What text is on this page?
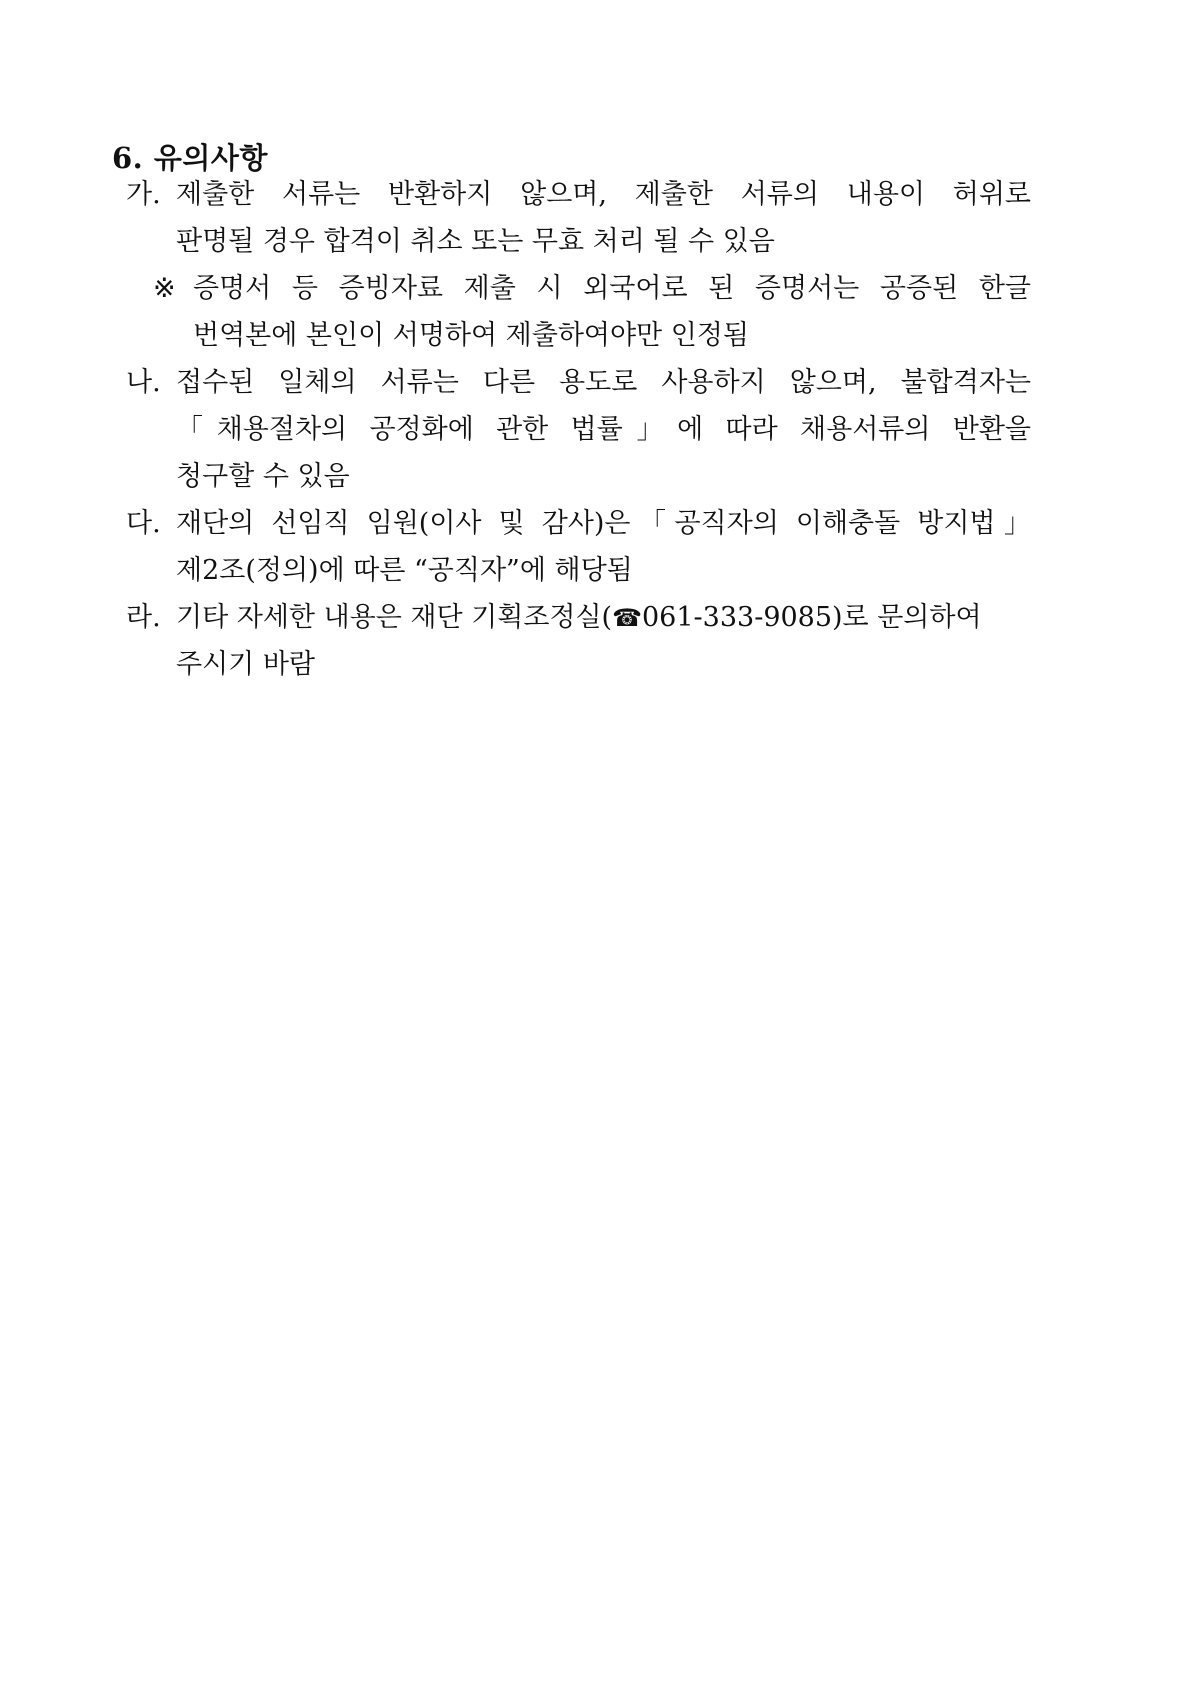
6. 유의사항
가. 제출한 서류는 반환하지 않으며, 제출한 서류의 내용이 허위로
판명될 경우 합격이 취소 또는 무효 처리 될 수 있음
※ 증명서 등 증빙자료 제출 시 외국어로 된 증명서는 공증된 한글
번역본에 본인이 서명하여 제출하여야만 인정됨
나. 접수된 일체의 서류는 다른 용도로 사용하지 않으며, 불합격자는
「채용절차의 공정화에 관한 법률」에 따라 채용서류의 반환을
청구할 수 있음
다. 재단의 선임직 임원(이사 및 감사)은「공직자의 이해충돌 방지법」
제2조(정의)에 따른 “공직자”에 해당됨
라. 기타 자세한 내용은 재단 기획조정실(☎061-333-9085)로 문의하여
주시기 바람
